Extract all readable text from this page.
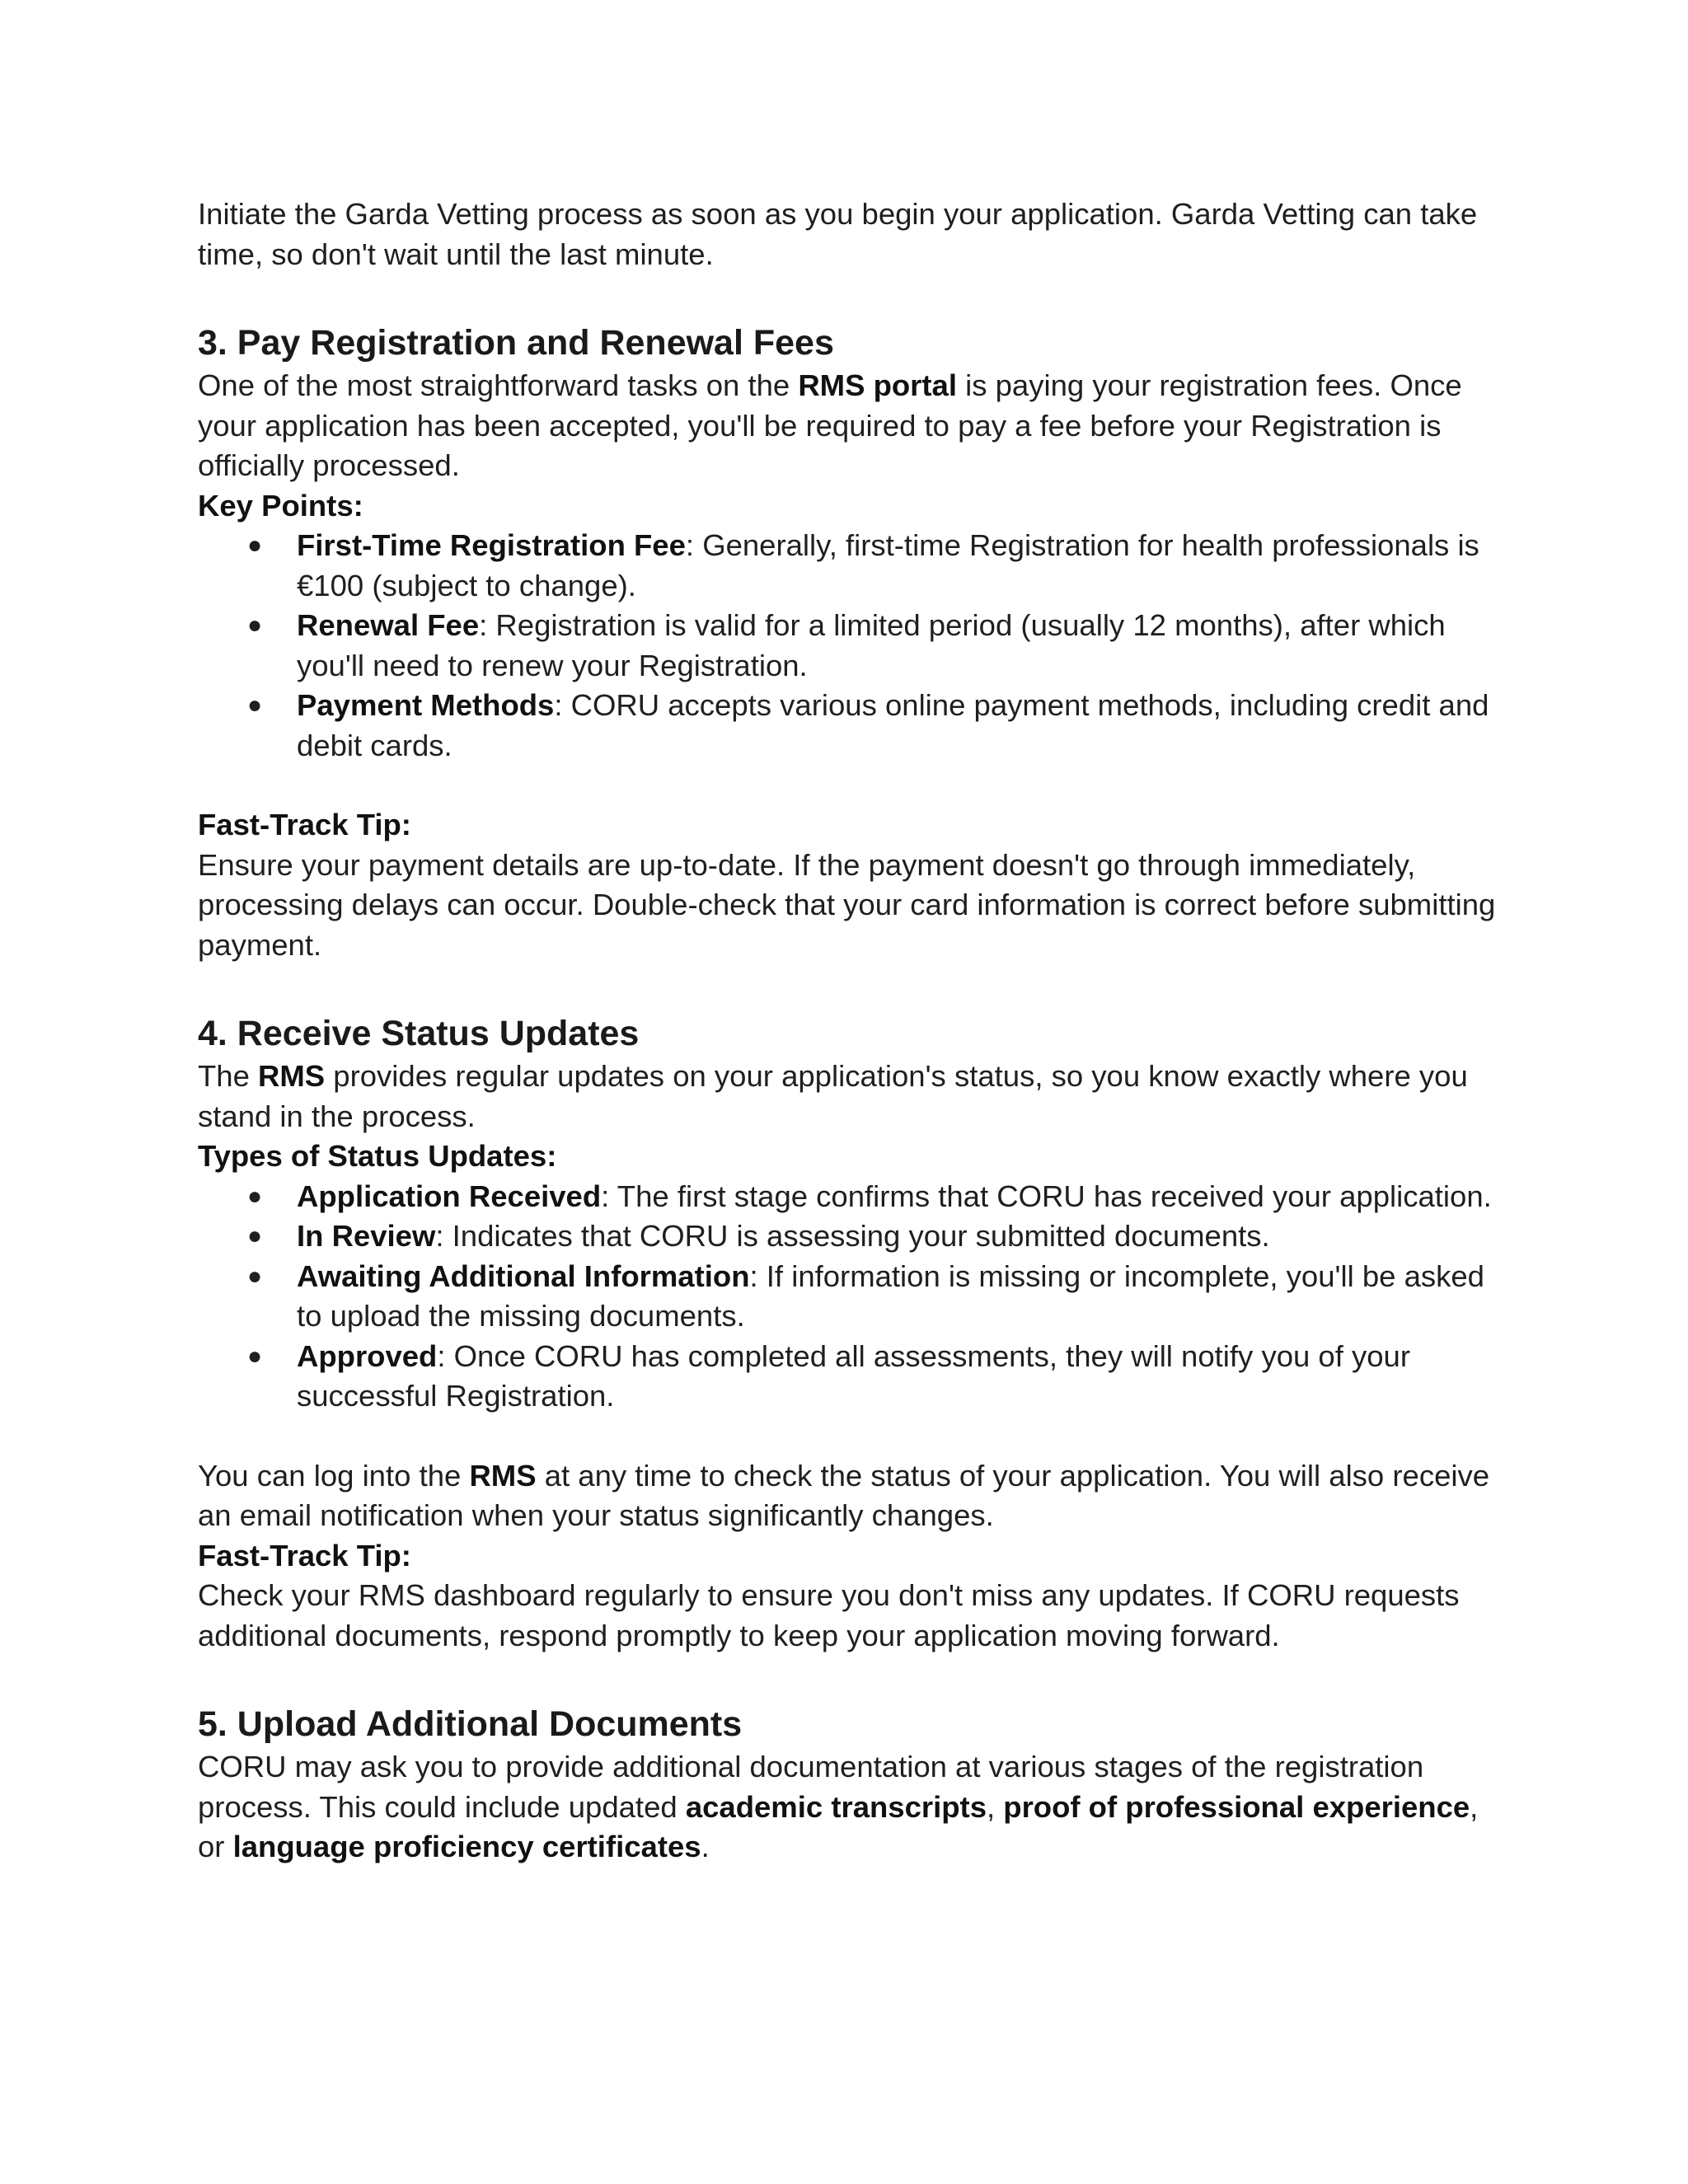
Initiate the Garda Vetting process as soon as you begin your application. Garda Vetting can take time, so don't wait until the last minute.

3. Pay Registration and Renewal Fees

One of the most straightforward tasks on the RMS portal is paying your registration fees. Once your application has been accepted, you'll be required to pay a fee before your Registration is officially processed.

Key Points:

● First-Time Registration Fee: Generally, first-time Registration for health professionals is €100 (subject to change).
● Renewal Fee: Registration is valid for a limited period (usually 12 months), after which you'll need to renew your Registration.
● Payment Methods: CORU accepts various online payment methods, including credit and debit cards.

Fast-Track Tip:

Ensure your payment details are up-to-date. If the payment doesn't go through immediately, processing delays can occur. Double-check that your card information is correct before submitting payment.

4. Receive Status Updates

The RMS provides regular updates on your application's status, so you know exactly where you stand in the process.

Types of Status Updates:

● Application Received: The first stage confirms that CORU has received your application.
● In Review: Indicates that CORU is assessing your submitted documents.
● Awaiting Additional Information: If information is missing or incomplete, you'll be asked to upload the missing documents.
● Approved: Once CORU has completed all assessments, they will notify you of your successful Registration.

You can log into the RMS at any time to check the status of your application. You will also receive an email notification when your status significantly changes.

Fast-Track Tip:

Check your RMS dashboard regularly to ensure you don't miss any updates. If CORU requests additional documents, respond promptly to keep your application moving forward.

5. Upload Additional Documents

CORU may ask you to provide additional documentation at various stages of the registration process. This could include updated academic transcripts, proof of professional experience, or language proficiency certificates.
